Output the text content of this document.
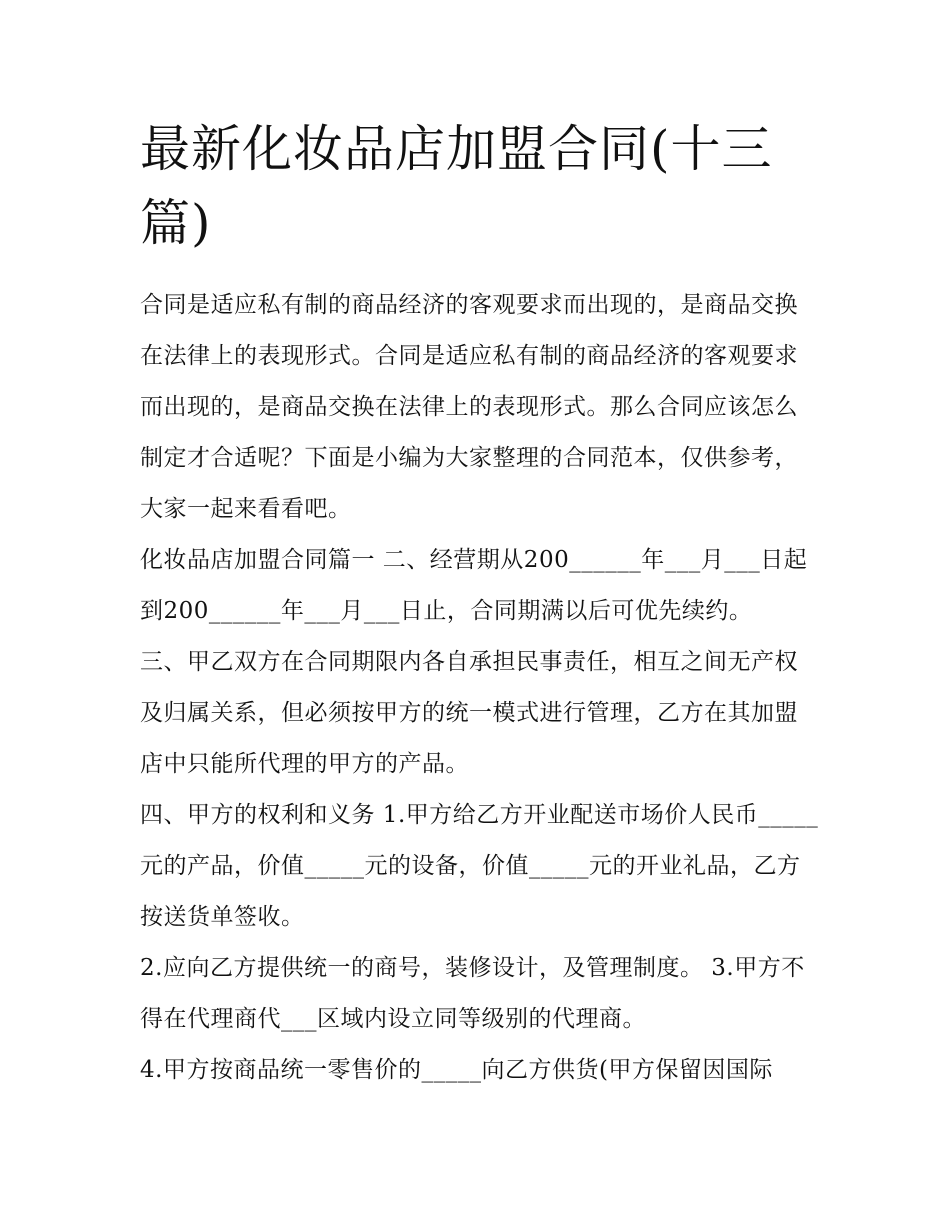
最新化妆品店加盟合同(十三篇)

合同是适应私有制的商品经济的客观要求而出现的，是商品交换在法律上的表现形式。合同是适应私有制的商品经济的客观要求而出现的，是商品交换在法律上的表现形式。那么合同应该怎么制定才合适呢？下面是小编为大家整理的合同范本，仅供参考，大家一起来看看吧。

化妆品店加盟合同篇一 二、经营期从200______年___月___日起到200______年___月___日止，合同期满以后可优先续约。

三、甲乙双方在合同期限内各自承担民事责任，相互之间无产权及归属关系，但必须按甲方的统一模式进行管理，乙方在其加盟店中只能所代理的甲方的产品。

四、甲方的权利和义务 1.甲方给乙方开业配送市场价人民币_____元的产品，价值_____元的设备，价值_____元的开业礼品，乙方按送货单签收。

2.应向乙方提供统一的商号，装修设计，及管理制度。 3.甲方不得在代理商代___区域内设立同等级别的代理商。

4.甲方按商品统一零售价的_____向乙方供货(甲方保留因国际
